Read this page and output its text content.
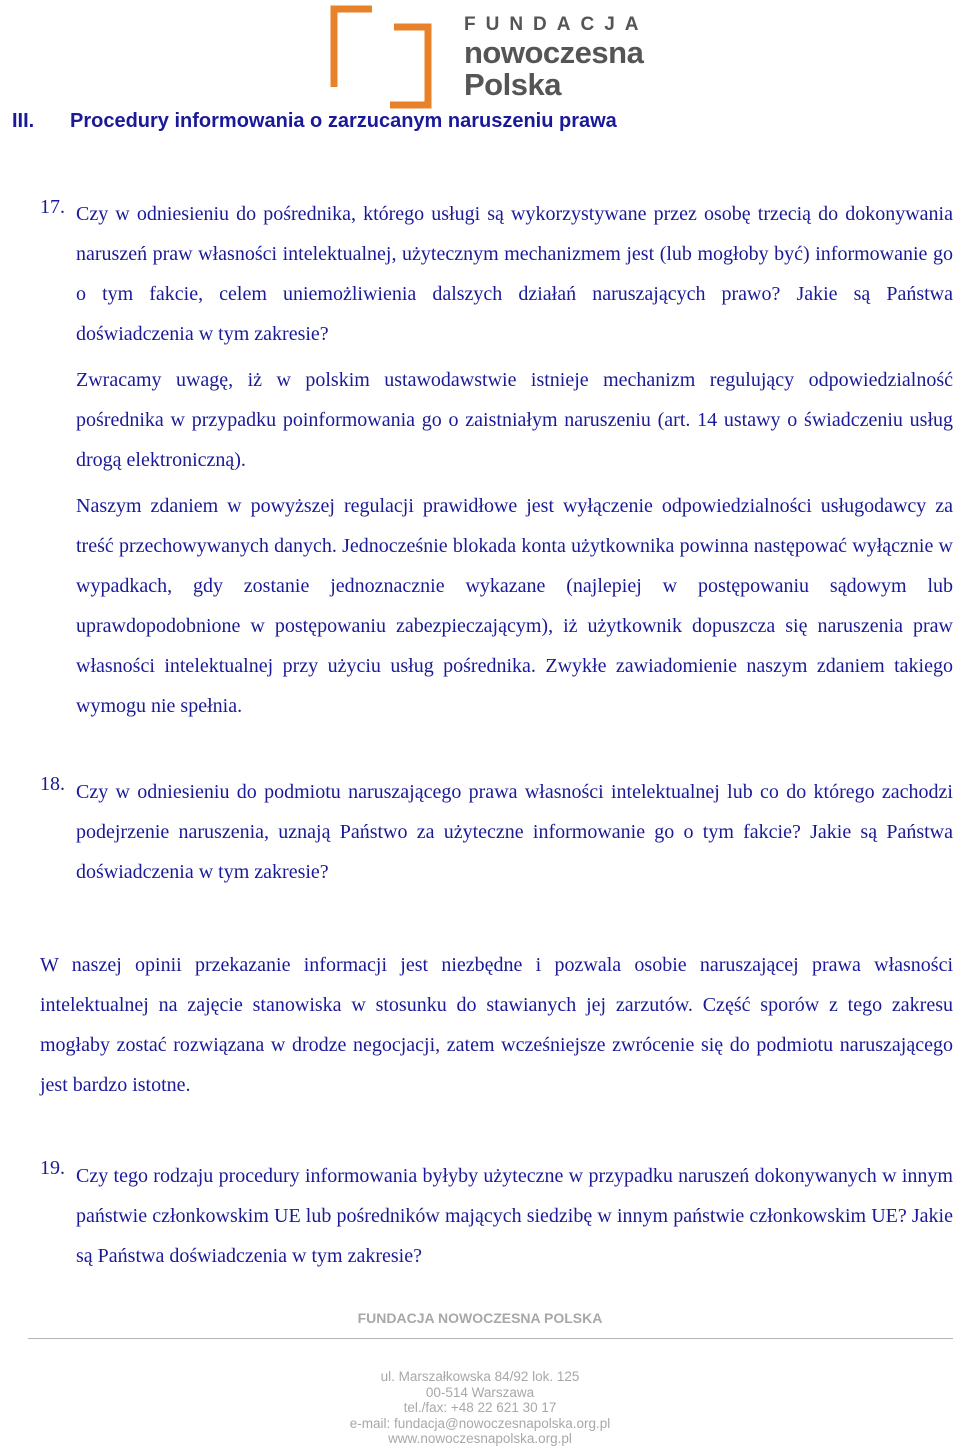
FUNDACJA
nowoczesna
Polska
III. Procedury informowania o zarzucanym naruszeniu prawa
17. Czy w odniesieniu do pośrednika, którego usługi są wykorzystywane przez osobę trzecią do dokonywania naruszeń praw własności intelektualnej, użytecznym mechanizmem jest (lub mogłoby być) informowanie go o tym fakcie, celem uniemożliwienia dalszych działań naruszających prawo? Jakie są Państwa doświadczenia w tym zakresie?
Zwracamy uwagę, iż w polskim ustawodawstwie istnieje mechanizm regulujący odpowiedzialność pośrednika w przypadku poinformowania go o zaistniałym naruszeniu (art. 14 ustawy o świadczeniu usług drogą elektroniczną).
Naszym zdaniem w powyższej regulacji prawidłowe jest wyłączenie odpowiedzialności usługodawcy za treść przechowywanych danych. Jednocześnie blokada konta użytkownika powinna następować wyłącznie w wypadkach, gdy zostanie jednoznacznie wykazane (najlepiej w postępowaniu sądowym lub uprawdopodobnione w postępowaniu zabezpieczającym), iż użytkownik dopuszcza się naruszenia praw własności intelektualnej przy użyciu usług pośrednika. Zwykłe zawiadomienie naszym zdaniem takiego wymogu nie spełnia.
18. Czy w odniesieniu do podmiotu naruszającego prawa własności intelektualnej lub co do którego zachodzi podejrzenie naruszenia, uznają Państwo za użyteczne informowanie go o tym fakcie? Jakie są Państwa doświadczenia w tym zakresie?
W naszej opinii przekazanie informacji jest niezbędne i pozwala osobie naruszającej prawa własności intelektualnej na zajęcie stanowiska w stosunku do stawianych jej zarzutów. Część sporów z tego zakresu mogłaby zostać rozwiązana w drodze negocjacji, zatem wcześniejsze zwrócenie się do podmiotu naruszającego jest bardzo istotne.
19. Czy tego rodzaju procedury informowania byłyby użyteczne w przypadku naruszeń dokonywanych w innym państwie członkowskim UE lub pośredników mających siedzibę w innym państwie członkowskim UE? Jakie są Państwa doświadczenia w tym zakresie?
FUNDACJA NOWOCZESNA POLSKA
ul. Marszałkowska 84/92 lok. 125
00-514 Warszawa
tel./fax: +48 22 621 30 17
e-mail: fundacja@nowoczesnapolska.org.pl
www.nowoczesnapolska.org.pl
